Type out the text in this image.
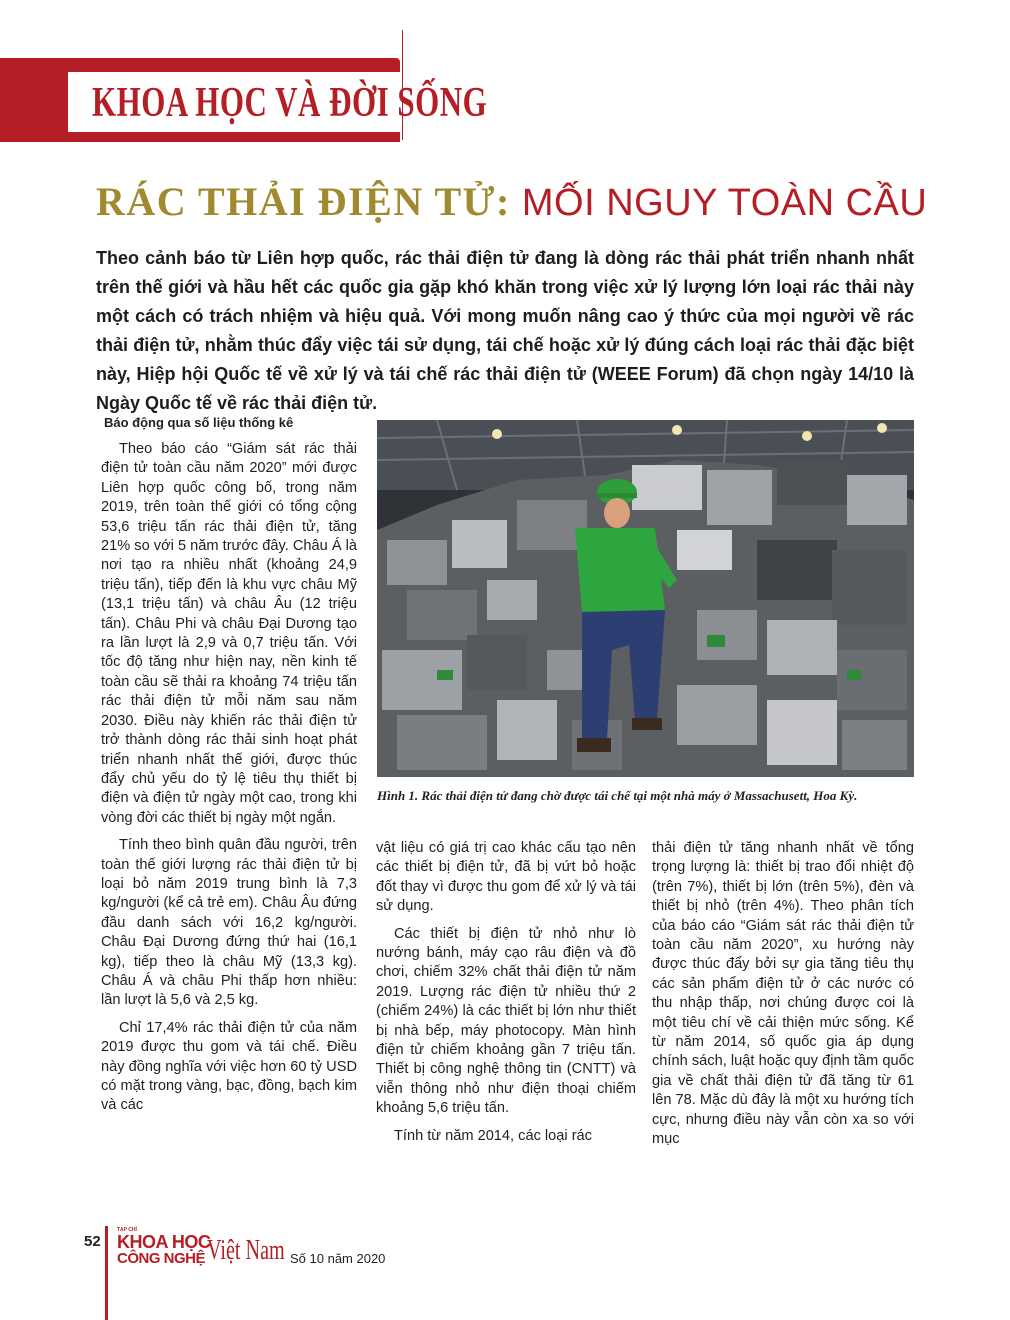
KHOA HỌC VÀ ĐỜI SỐNG
RÁC THẢI ĐIỆN TỬ: MỐI NGUY TOÀN CẦU
Theo cảnh báo từ Liên hợp quốc, rác thải điện tử đang là dòng rác thải phát triển nhanh nhất trên thế giới và hầu hết các quốc gia gặp khó khăn trong việc xử lý lượng lớn loại rác thải này một cách có trách nhiệm và hiệu quả. Với mong muốn nâng cao ý thức của mọi người về rác thải điện tử, nhằm thúc đẩy việc tái sử dụng, tái chế hoặc xử lý đúng cách loại rác thải đặc biệt này, Hiệp hội Quốc tế về xử lý và tái chế rác thải điện tử (WEEE Forum) đã chọn ngày 14/10 là Ngày Quốc tế về rác thải điện tử.
Báo động qua số liệu thống kê

Theo báo cáo “Giám sát rác thải điện tử toàn cầu năm 2020” mới được Liên hợp quốc công bố, trong năm 2019, trên toàn thế giới có tổng cộng 53,6 triệu tấn rác thải điện tử, tăng 21% so với 5 năm trước đây. Châu Á là nơi tạo ra nhiều nhất (khoảng 24,9 triệu tấn), tiếp đến là khu vực châu Mỹ (13,1 triệu tấn) và châu Âu (12 triệu tấn). Châu Phi và châu Đại Dương tạo ra lần lượt là 2,9 và 0,7 triệu tấn. Với tốc độ tăng như hiện nay, nền kinh tế toàn cầu sẽ thải ra khoảng 74 triệu tấn rác thải điện tử mỗi năm sau năm 2030. Điều này khiến rác thải điện tử trở thành dòng rác thải sinh hoạt phát triển nhanh nhất thế giới, được thúc đẩy chủ yếu do tỷ lệ tiêu thụ thiết bị điện và điện tử ngày một cao, trong khi vòng đời các thiết bị ngày một ngắn.

Tính theo bình quân đầu người, trên toàn thế giới lượng rác thải điện tử bị loại bỏ năm 2019 trung bình là 7,3 kg/người (kể cả trẻ em). Châu Âu đứng đầu danh sách với 16,2 kg/người. Châu Đại Dương đứng thứ hai (16,1 kg), tiếp theo là châu Mỹ (13,3 kg). Châu Á và châu Phi thấp hơn nhiều: lần lượt là 5,6 và 2,5 kg.

Chỉ 17,4% rác thải điện tử của năm 2019 được thu gom và tái chế. Điều này đồng nghĩa với việc hơn 60 tỷ USD có mặt trong vàng, bạc, đồng, bạch kim và các

Hình 1. Rác thải điện tử đang chờ được tái chế tại một nhà máy ở Massachusett, Hoa Kỳ.

vật liệu có giá trị cao khác cấu tạo nên các thiết bị điện tử, đã bị vứt bỏ hoặc đốt thay vì được thu gom để xử lý và tái sử dụng.

Các thiết bị điện tử nhỏ như lò nướng bánh, máy cạo râu điện và đồ chơi, chiếm 32% chất thải điện tử năm 2019. Lượng rác điện tử nhiều thứ 2 (chiếm 24%) là các thiết bị lớn như thiết bị nhà bếp, máy photocopy. Màn hình điện tử chiếm khoảng gần 7 triệu tấn. Thiết bị công nghệ thông tin (CNTT) và viễn thông nhỏ như điện thoại chiếm khoảng 5,6 triệu tấn.

Tính từ năm 2014, các loại rác

thải điện tử tăng nhanh nhất về tổng trọng lượng là: thiết bị trao đổi nhiệt độ (trên 7%), thiết bị lớn (trên 5%), đèn và thiết bị nhỏ (trên 4%). Theo phân tích của báo cáo “Giám sát rác thải điện tử toàn cầu năm 2020”, xu hướng này được thúc đẩy bởi sự gia tăng tiêu thụ các sản phẩm điện tử ở các nước có thu nhập thấp, nơi chúng được coi là một tiêu chí về cải thiện mức sống. Kể từ năm 2014, số quốc gia áp dụng chính sách, luật hoặc quy định tầm quốc gia về chất thải điện tử đã tăng từ 61 lên 78. Mặc dù đây là một xu hướng tích cực, nhưng điều này vẫn còn xa so với mục

52
TẠP CHÍ
KHOA HỌC
CÔNG NGHỆ Việt Nam Số 10 năm 2020
